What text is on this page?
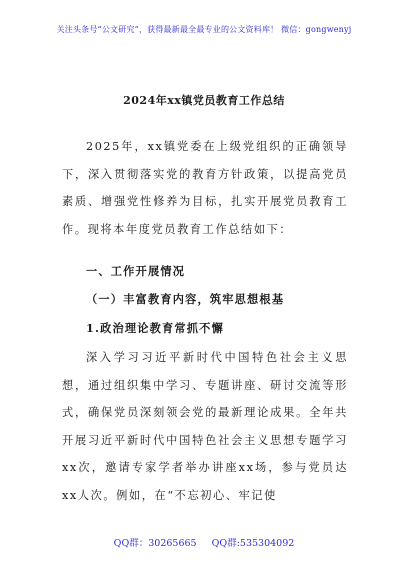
关注头条号“公文研究”，获得最新最全最专业的公文资料库！ 微信：gongwenyj
2024年xx镇党员教育工作总结

2025年，xx镇党委在上级党组织的正确领导下，深入贯彻落实党的教育方针政策，以提高党员素质、增强党性修养为目标，扎实开展党员教育工作。现将本年度党员教育工作总结如下：

一、工作开展情况
（一）丰富教育内容，筑牢思想根基
1.政治理论教育常抓不懈

深入学习习近平新时代中国特色社会主义思想，通过组织集中学习、专题讲座、研讨交流等形式，确保党员深刻领会党的最新理论成果。全年共开展习近平新时代中国特色社会主义思想专题学习xx次，邀请专家学者举办讲座xx场，参与党员达xx人次。例如，在“不忘初心、牢记使

QQ群：30265665 QQ群:535304092
